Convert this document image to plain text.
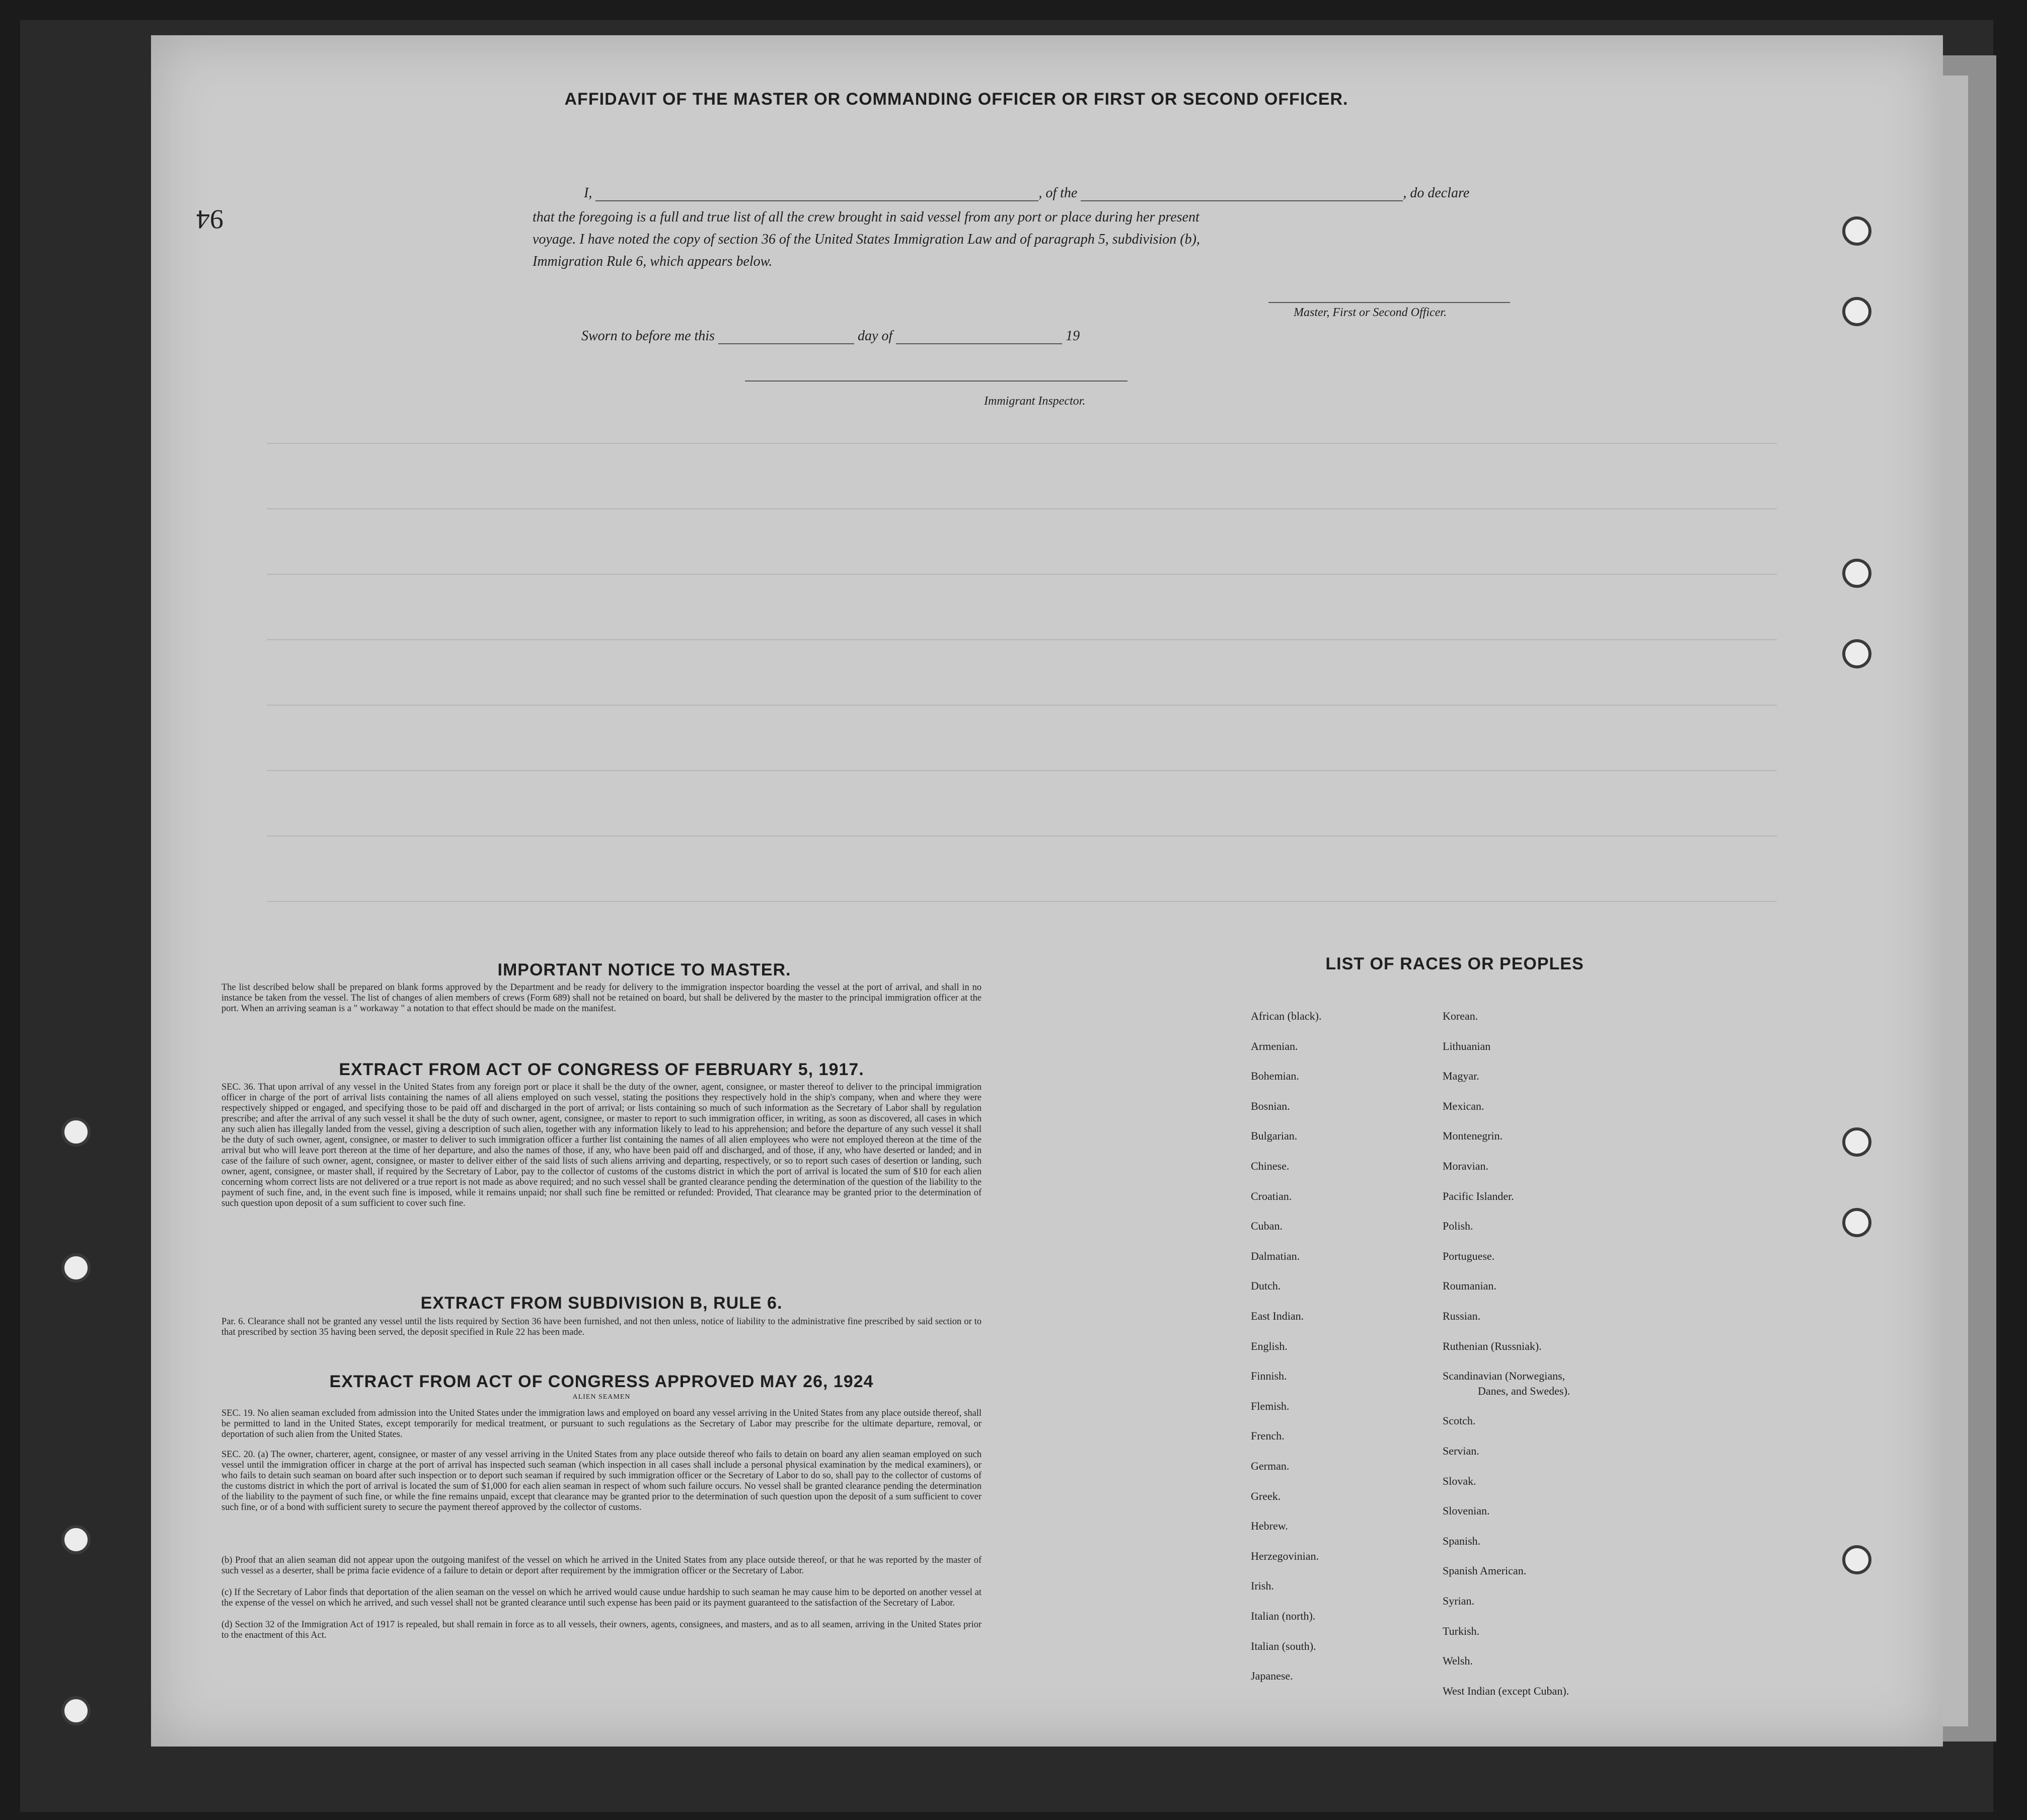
94
AFFIDAVIT OF THE MASTER OR COMMANDING OFFICER OR FIRST OR SECOND OFFICER.
I,	, of the	, do declare
that the foregoing is a full and true list of all the crew brought in said vessel from any port or place during her present
voyage. I have noted the copy of section 36 of the United States Immigration Law and of paragraph 5, subdivision (b),
Immigration Rule 6, which appears below.
Master, First or Second Officer.
Sworn to before me this	day of	19
Immigrant Inspector.
IMPORTANT NOTICE TO MASTER.
The list described below shall be prepared on blank forms approved by the Department and be ready for delivery to the immigration inspector boarding the vessel at the port of arrival, and shall in no instance be taken from the vessel. The list of changes of alien members of crews (Form 689) shall not be retained on board, but shall be delivered by the master to the principal immigration officer at the port. When an arriving seaman is a " workaway " a notation to that effect should be made on the manifest.
EXTRACT FROM ACT OF CONGRESS OF FEBRUARY 5, 1917.
SEC. 36. That upon arrival of any vessel in the United States from any foreign port or place it shall be the duty of the owner, agent, consignee, or master thereof to deliver to the principal immigration officer in charge of the port of arrival lists containing the names of all aliens employed on such vessel, stating the positions they respectively hold in the ship's company, when and where they were respectively shipped or engaged, and specifying those to be paid off and discharged in the port of arrival; or lists containing so much of such information as the Secretary of Labor shall by regulation prescribe; and after the arrival of any such vessel it shall be the duty of such owner, agent, consignee, or master to report to such immigration officer, in writing, as soon as discovered, all cases in which any such alien has illegally landed from the vessel, giving a description of such alien, together with any information likely to lead to his apprehension; and before the departure of any such vessel it shall be the duty of such owner, agent, consignee, or master to deliver to such immigration officer a further list containing the names of all alien employees who were not employed thereon at the time of the arrival but who will leave port thereon at the time of her departure, and also the names of those, if any, who have been paid off and discharged, and of those, if any, who have deserted or landed; and in case of the failure of such owner, agent, consignee, or master to deliver either of the said lists of such aliens arriving and departing, respectively, or so to report such cases of desertion or landing, such owner, agent, consignee, or master shall, if required by the Secretary of Labor, pay to the collector of customs of the customs district in which the port of arrival is located the sum of $10 for each alien concerning whom correct lists are not delivered or a true report is not made as above required; and no such vessel shall be granted clearance pending the determination of the question of the liability to the payment of such fine, and, in the event such fine is imposed, while it remains unpaid; nor shall such fine be remitted or refunded: Provided, That clearance may be granted prior to the determination of such question upon deposit of a sum sufficient to cover such fine.
EXTRACT FROM SUBDIVISION B, RULE 6.
Par. 6. Clearance shall not be granted any vessel until the lists required by Section 36 have been furnished, and not then unless, notice of liability to the administrative fine prescribed by said section or to that prescribed by section 35 having been served, the deposit specified in Rule 22 has been made.
EXTRACT FROM ACT OF CONGRESS APPROVED MAY 26, 1924
ALIEN SEAMEN
SEC. 19. No alien seaman excluded from admission into the United States under the immigration laws and employed on board any vessel arriving in the United States from any place outside thereof, shall be permitted to land in the United States, except temporarily for medical treatment, or pursuant to such regulations as the Secretary of Labor may prescribe for the ultimate departure, removal, or deportation of such alien from the United States.
SEC. 20. (a) The owner, charterer, agent, consignee, or master of any vessel arriving in the United States from any place outside thereof who fails to detain on board any alien seaman employed on such vessel until the immigration officer in charge at the port of arrival has inspected such seaman (which inspection in all cases shall include a personal physical examination by the medical examiners), or who fails to detain such seaman on board after such inspection or to deport such seaman if required by such immigration officer or the Secretary of Labor to do so, shall pay to the collector of customs of the customs district in which the port of arrival is located the sum of $1,000 for each alien seaman in respect of whom such failure occurs. No vessel shall be granted clearance pending the determination of the liability to the payment of such fine, or while the fine remains unpaid, except that clearance may be granted prior to the determination of such question upon the deposit of a sum sufficient to cover such fine, or of a bond with sufficient surety to secure the payment thereof approved by the collector of customs.
(b) Proof that an alien seaman did not appear upon the outgoing manifest of the vessel on which he arrived in the United States from any place outside thereof, or that he was reported by the master of such vessel as a deserter, shall be prima facie evidence of a failure to detain or deport after requirement by the immigration officer or the Secretary of Labor.
(c) If the Secretary of Labor finds that deportation of the alien seaman on the vessel on which he arrived would cause undue hardship to such seaman he may cause him to be deported on another vessel at the expense of the vessel on which he arrived, and such vessel shall not be granted clearance until such expense has been paid or its payment guaranteed to the satisfaction of the Secretary of Labor.
(d) Section 32 of the Immigration Act of 1917 is repealed, but shall remain in force as to all vessels, their owners, agents, consignees, and masters, and as to all seamen, arriving in the United States prior to the enactment of this Act.
LIST OF RACES OR PEOPLES
African (black).
Armenian.
Bohemian.
Bosnian.
Bulgarian.
Chinese.
Croatian.
Cuban.
Dalmatian.
Dutch.
East Indian.
English.
Finnish.
Flemish.
French.
German.
Greek.
Hebrew.
Herzegovinian.
Irish.
Italian (north).
Italian (south).
Japanese.
Korean.
Lithuanian
Magyar.
Mexican.
Montenegrin.
Moravian.
Pacific Islander.
Polish.
Portuguese.
Roumanian.
Russian.
Ruthenian (Russniak).
Scandinavian (Norwegians,
Danes, and Swedes).
Scotch.
Servian.
Slovak.
Slovenian.
Spanish.
Spanish American.
Syrian.
Turkish.
Welsh.
West Indian (except Cuban).
